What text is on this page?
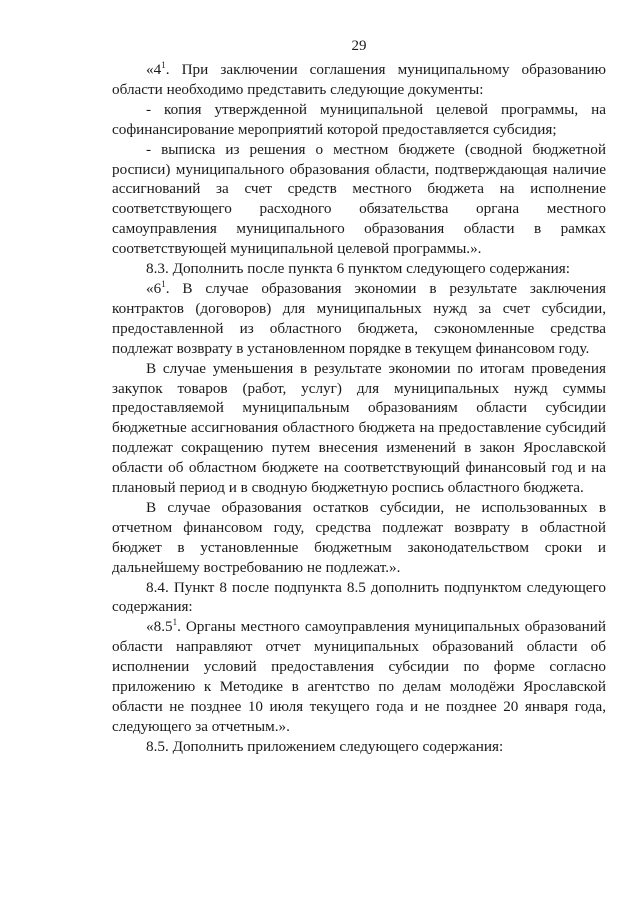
29

«$4^1$. При заключении соглашения муниципальному образованию области необходимо представить следующие документы:

- копия утвержденной муниципальной целевой программы, на софинансирование мероприятий которой предоставляется субсидия;

- выписка из решения о местном бюджете (сводной бюджетной росписи) муниципального образования области, подтверждающая наличие ассигнований за счет средств местного бюджета на исполнение соответствующего расходного обязательства органа местного самоуправления муниципального образования области в рамках соответствующей муниципальной целевой программы.».

8.3. Дополнить после пункта 6 пунктом следующего содержания:

«$6^1$. В случае образования экономии в результате заключения контрактов (договоров) для муниципальных нужд за счет субсидии, предоставленной из областного бюджета, сэкономленные средства подлежат возврату в установленном порядке в текущем финансовом году.

В случае уменьшения в результате экономии по итогам проведения закупок товаров (работ, услуг) для муниципальных нужд суммы предоставляемой муниципальным образованиям области субсидии бюджетные ассигнования областного бюджета на предоставление субсидий подлежат сокращению путем внесения изменений в закон Ярославской области об областном бюджете на соответствующий финансовый год и на плановый период и в сводную бюджетную роспись областного бюджета.

В случае образования остатков субсидии, не использованных в отчетном финансовом году, средства подлежат возврату в областной бюджет в установленные бюджетным законодательством сроки и дальнейшему востребованию не подлежат.».

8.4. Пункт 8 после подпункта 8.5 дополнить подпунктом следующего содержания:

«$8.5^1$. Органы местного самоуправления муниципальных образований области направляют отчет муниципальных образований области об исполнении условий предоставления субсидии по форме согласно приложению к Методике в агентство по делам молодёжи Ярославской области не позднее 10 июля текущего года и не позднее 20 января года, следующего за отчетным.».

8.5. Дополнить приложением следующего содержания:
